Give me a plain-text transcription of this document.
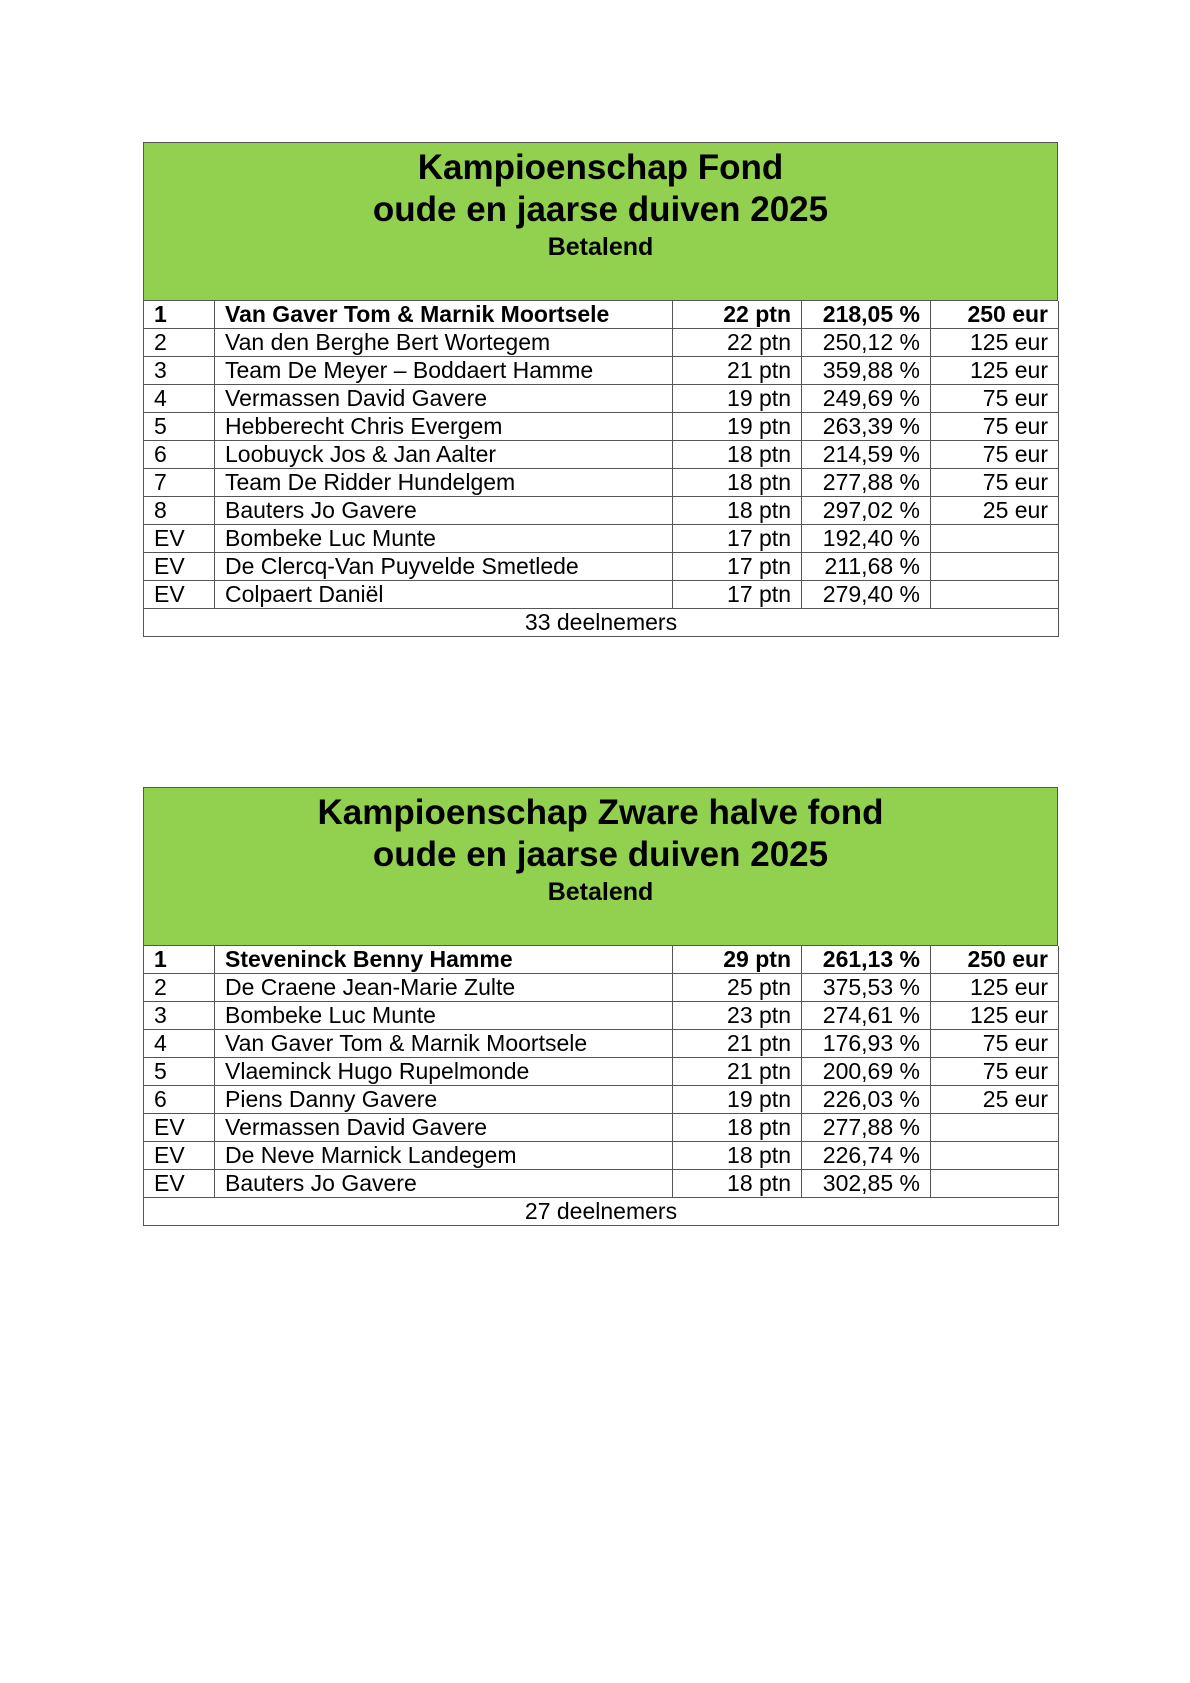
Kampioenschap Fond
oude en jaarse duiven 2025
Betalend
1	Van Gaver Tom & Marnik Moortsele	22 ptn	218,05 %	250 eur
2	Van den Berghe Bert Wortegem	22 ptn	250,12 %	125 eur
3	Team De Meyer – Boddaert Hamme	21 ptn	359,88 %	125 eur
4	Vermassen David Gavere	19 ptn	249,69 %	75 eur
5	Hebberecht Chris Evergem	19 ptn	263,39 %	75 eur
6	Loobuyck Jos & Jan Aalter	18 ptn	214,59 %	75 eur
7	Team De Ridder Hundelgem	18 ptn	277,88 %	75 eur
8	Bauters Jo Gavere	18 ptn	297,02 %	25 eur
EV	Bombeke Luc Munte	17 ptn	192,40 %	
EV	De Clercq-Van Puyvelde Smetlede	17 ptn	211,68 %	
EV	Colpaert Daniël	17 ptn	279,40 %	
33 deelnemers				
Kampioenschap Zware halve fond
oude en jaarse duiven 2025
Betalend
1	Steveninck Benny Hamme	29 ptn	261,13 %	250 eur
2	De Craene Jean-Marie Zulte	25 ptn	375,53 %	125 eur
3	Bombeke Luc Munte	23 ptn	274,61 %	125 eur
4	Van Gaver Tom & Marnik Moortsele	21 ptn	176,93 %	75 eur
5	Vlaeminck Hugo Rupelmonde	21 ptn	200,69 %	75 eur
6	Piens Danny Gavere	19 ptn	226,03 %	25 eur
EV	Vermassen David Gavere	18 ptn	277,88 %	
EV	De Neve Marnick Landegem	18 ptn	226,74 %	
EV	Bauters Jo Gavere	18 ptn	302,85 %	
27 deelnemers				
